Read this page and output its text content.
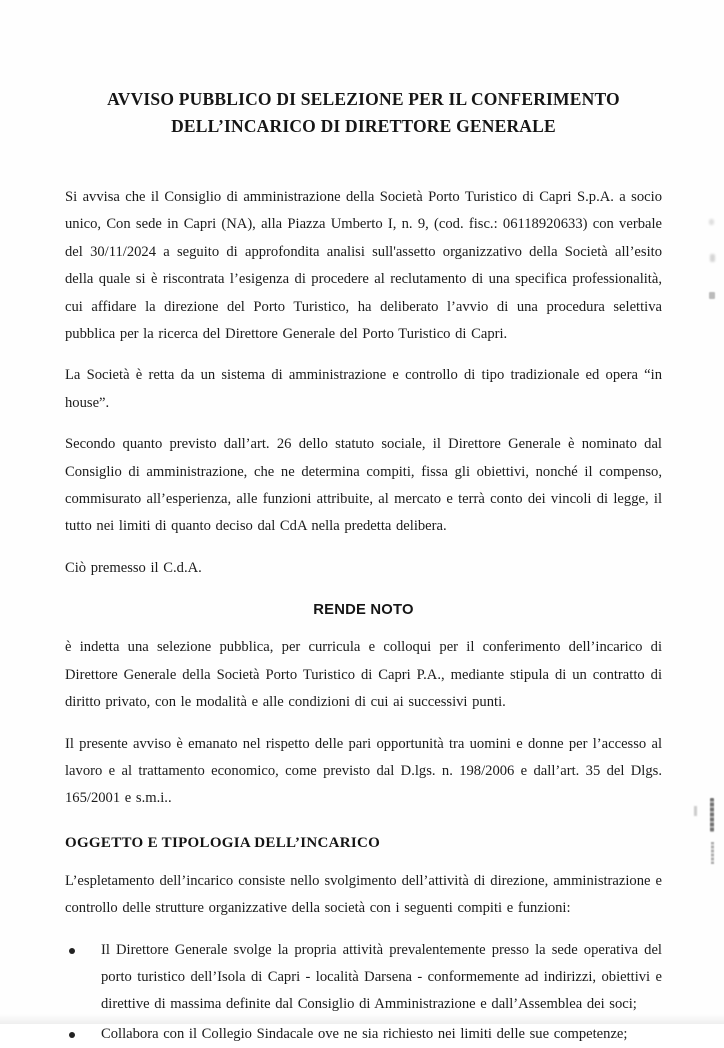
AVVISO PUBBLICO DI SELEZIONE PER IL CONFERIMENTO
DELL’INCARICO DI DIRETTORE GENERALE

Si avvisa che il Consiglio di amministrazione della Società Porto Turistico di Capri S.p.A. a socio unico, Con sede in Capri (NA), alla Piazza Umberto I, n. 9, (cod. fisc.: 06118920633) con verbale del 30/11/2024 a seguito di approfondita analisi sull'assetto organizzativo della Società all’esito della quale si è riscontrata l’esigenza di procedere al reclutamento di una specifica professionalità, cui affidare la direzione del Porto Turistico, ha deliberato l’avvio di una procedura selettiva pubblica per la ricerca del Direttore Generale del Porto Turistico di Capri.

La Società è retta da un sistema di amministrazione e controllo di tipo tradizionale ed opera “in house”.

Secondo quanto previsto dall’art. 26 dello statuto sociale, il Direttore Generale è nominato dal Consiglio di amministrazione, che ne determina compiti, fissa gli obiettivi, nonché il compenso, commisurato all’esperienza, alle funzioni attribuite, al mercato e terrà conto dei vincoli di legge, il tutto nei limiti di quanto deciso dal CdA nella predetta delibera.

Ciò premesso il C.d.A.

RENDE NOTO

è indetta una selezione pubblica, per curricula e colloqui per il conferimento dell’incarico di Direttore Generale della Società Porto Turistico di Capri P.A., mediante stipula di un contratto di diritto privato, con le modalità e alle condizioni di cui ai successivi punti.

Il presente avviso è emanato nel rispetto delle pari opportunità tra uomini e donne per l’accesso al lavoro e al trattamento economico, come previsto dal D.lgs. n. 198/2006 e dall’art. 35 del Dlgs. 165/2001 e s.m.i..

OGGETTO E TIPOLOGIA DELL’INCARICO

L’espletamento dell’incarico consiste nello svolgimento dell’attività di direzione, amministrazione e controllo delle strutture organizzative della società con i seguenti compiti e funzioni:

Il Direttore Generale svolge la propria attività prevalentemente presso la sede operativa del porto turistico dell’Isola di Capri - località Darsena - conformemente ad indirizzi, obiettivi e direttive di massima definite dal Consiglio di Amministrazione e dall’Assemblea dei soci;
Collabora con il Collegio Sindacale ove ne sia richiesto nei limiti delle sue competenze;
